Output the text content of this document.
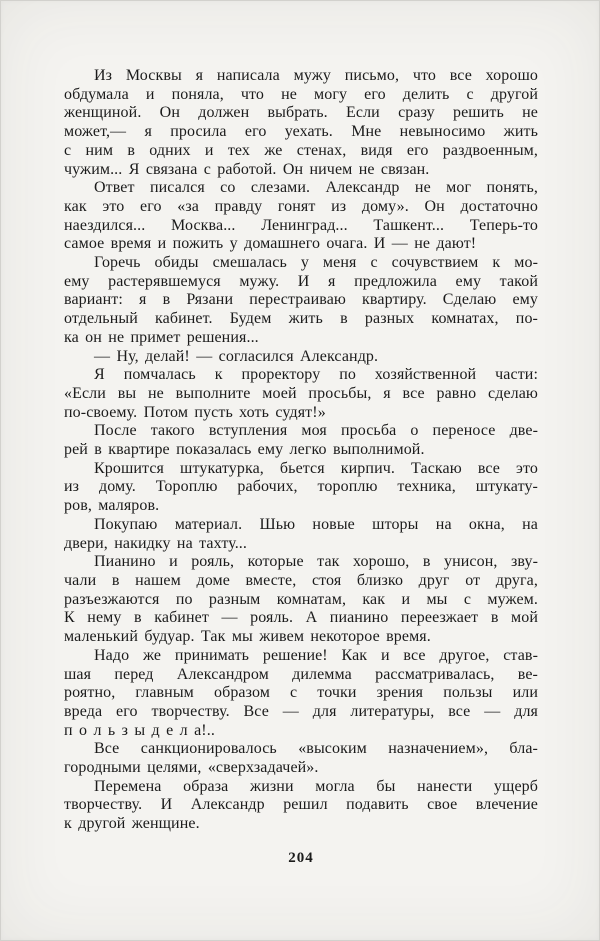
Из Москвы я написала мужу письмо, что все хорошо
обдумала и поняла, что не могу его делить с другой
женщиной. Он должен выбрать. Если сразу решить не
может,— я просила его уехать. Мне невыносимо жить
с ним в одних и тех же стенах, видя его раздвоенным,
чужим... Я связана с работой. Он ничем не связан.
Ответ писался со слезами. Александр не мог понять,
как это его «за правду гонят из дому». Он достаточно
наездился... Москва... Ленинград... Ташкент... Теперь-то
самое время и пожить у домашнего очага. И — не дают!
Горечь обиды смешалась у меня с сочувствием к мо-
ему растерявшемуся мужу. И я предложила ему такой
вариант: я в Рязани перестраиваю квартиру. Сделаю ему
отдельный кабинет. Будем жить в разных комнатах, по-
ка он не примет решения...
— Ну, делай! — согласился Александр.
Я помчалась к проректору по хозяйственной части:
«Если вы не выполните моей просьбы, я все равно сделаю
по-своему. Потом пусть хоть судят!»
После такого вступления моя просьба о переносе две-
рей в квартире показалась ему легко выполнимой.
Крошится штукатурка, бьется кирпич. Таскаю все это
из дому. Тороплю рабочих, тороплю техника, штукату-
ров, маляров.
Покупаю материал. Шью новые шторы на окна, на
двери, накидку на тахту...
Пианино и рояль, которые так хорошо, в унисон, зву-
чали в нашем доме вместе, стоя близко друг от друга,
разъезжаются по разным комнатам, как и мы с мужем.
К нему в кабинет — рояль. А пианино переезжает в мой
маленький будуар. Так мы живем некоторое время.
Надо же принимать решение! Как и все другое, став-
шая перед Александром дилемма рассматривалась, ве-
роятно, главным образом с точки зрения пользы или
вреда его творчеству. Все — для литературы, все — для
п о л ь з ы д е л а!..
Все санкционировалось «высоким назначением», бла-
городными целями, «сверхзадачей».
Перемена образа жизни могла бы нанести ущерб
творчеству. И Александр решил подавить свое влечение
к другой женщине.
204
